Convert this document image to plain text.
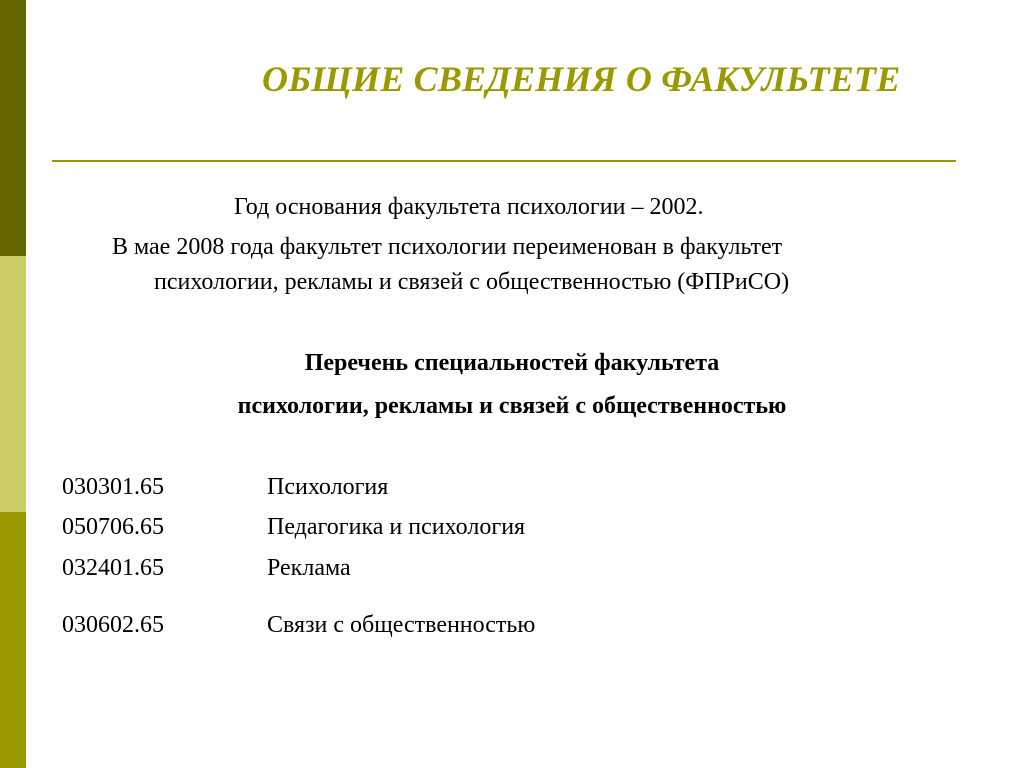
ОБЩИЕ СВЕДЕНИЯ О ФАКУЛЬТЕТЕ
Год основания факультета психологии – 2002.
В мае 2008 года факультет психологии переименован в факультет
психологии, рекламы и связей с общественностью (ФПРиСО)
Перечень специальностей факультета
психологии, рекламы и связей с общественностью
030301.65	Психология
050706.65	Педагогика и психология
032401.65	Реклама
030602.65	Связи с общественностью
